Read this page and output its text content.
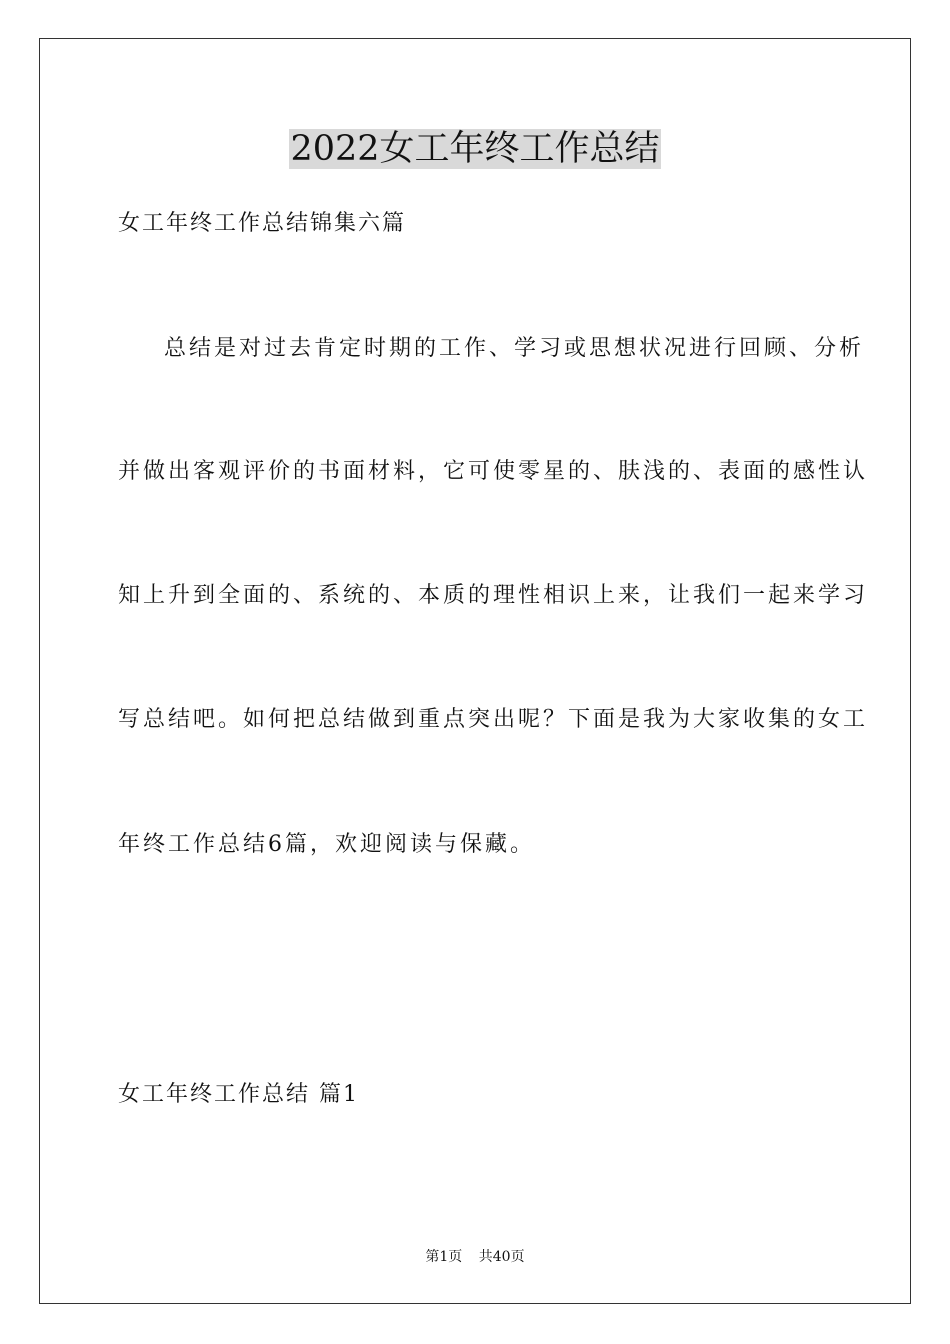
2022女工年终工作总结
女工年终工作总结锦集六篇
总结是对过去肯定时期的工作、学习或思想状况进行回顾、分析
并做出客观评价的书面材料，它可使零星的、肤浅的、表面的感性认
知上升到全面的、系统的、本质的理性相识上来，让我们一起来学习
写总结吧。如何把总结做到重点突出呢？下面是我为大家收集的女工
年终工作总结6篇，欢迎阅读与保藏。
女工年终工作总结 篇1
第1页 共40页
